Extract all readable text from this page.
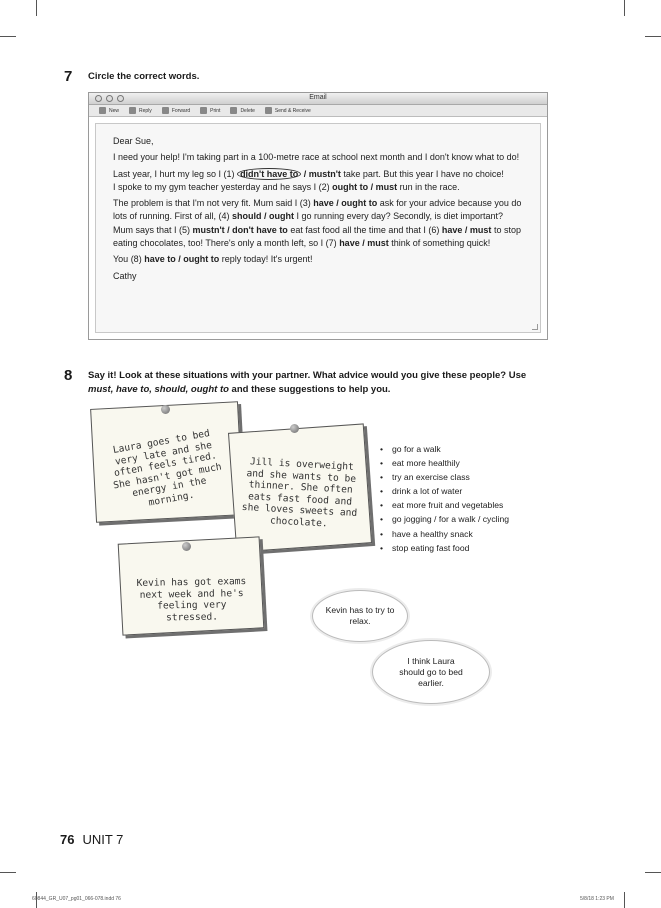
7 Circle the correct words.
Email
New	Reply	Forward	Print	Delete	Send & Receive

Dear Sue,

I need your help! I'm taking part in a 100-metre race at school next month and I don't know what to do!

Last year, I hurt my leg so I (1) didn't have to / mustn't take part. But this year I have no choice!

I spoke to my gym teacher yesterday and he says I (2) ought to / must run in the race.

The problem is that I'm not very fit. Mum said I (3) have / ought to ask for your advice because you do lots of running. First of all, (4) should / ought I go running every day? Secondly, is diet important? Mum says that I (5) mustn't / don't have to eat fast food all the time and that I (6) have / must to stop eating chocolates, too! There's only a month left, so I (7) have / must think of something quick!

You (8) have to / ought to reply today! It's urgent!

Cathy

8 Say it! Look at these situations with your partner. What advice would you give these people? Use must, have to, should, ought to and these suggestions to help you.
Laura goes to bed very late and she often feels tired. She hasn't got much energy in the morning.
Jill is overweight and she wants to be thinner. She often eats fast food and she loves sweets and chocolate.
Kevin has got exams next week and he's feeling very stressed.
• go for a walk
• eat more healthily
• try an exercise class
• drink a lot of water
• eat more fruit and vegetables
• go jogging / for a walk / cycling
• have a healthy snack
• stop eating fast food
Kevin has to try to relax.
I think Laura should go to bed earlier.
76 UNIT 7
60844_GR_U07_pg01_066-078.indd 76	5/8/18 1:23 PM
